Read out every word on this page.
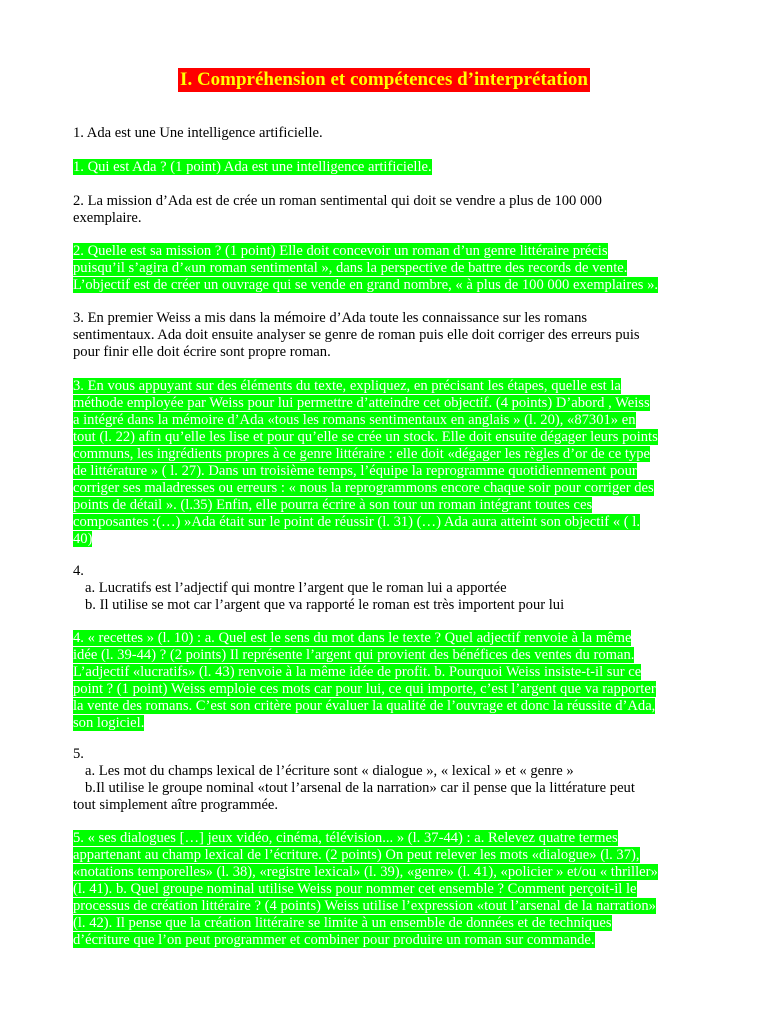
I. Compréhension et compétences d’interprétation
1. Ada est une Une intelligence artificielle.
1. Qui est Ada ? (1 point) Ada est une intelligence artificielle.
2. La mission d’Ada est de crée un roman sentimental qui doit se vendre a plus de 100 000
exemplaire.
2. Quelle est sa mission ? (1 point) Elle doit concevoir un roman d’un genre littéraire précis
puisqu’il s’agira d’«un roman sentimental », dans la perspective de battre des records de vente.
L’objectif est de créer un ouvrage qui se vende en grand nombre, « à plus de 100 000 exemplaires ».
3. En premier Weiss a mis dans la mémoire d’Ada toute les connaissance sur les romans
sentimentaux. Ada doit ensuite analyser se genre de roman puis elle doit corriger des erreurs puis
pour finir elle doit écrire sont propre roman.
3. En vous appuyant sur des éléments du texte, expliquez, en précisant les étapes, quelle est la
méthode employée par Weiss pour lui permettre d’atteindre cet objectif. (4 points) D’abord , Weiss
a intégré dans la mémoire d’Ada «tous les romans sentimentaux en anglais » (l. 20), «87301» en
tout (l. 22) afin qu’elle les lise et pour qu’elle se crée un stock. Elle doit ensuite dégager leurs points
communs, les ingrédients propres à ce genre littéraire : elle doit «dégager les règles d’or de ce type
de littérature » ( l. 27). Dans un troisième temps, l’équipe la reprogramme quotidiennement pour
corriger ses maladresses ou erreurs : « nous la reprogrammons encore chaque soir pour corriger des
points de détail ». (l.35) Enfin, elle pourra écrire à son tour un roman intégrant toutes ces
composantes :(…) »Ada était sur le point de réussir (l. 31) (…) Ada aura atteint son objectif « ( l.
40)
4.
a. Lucratifs est l’adjectif qui montre l’argent que le roman lui a apportée
b. Il utilise se mot car l’argent que va rapporté le roman est très importent pour lui
4. « recettes » (l. 10) : a. Quel est le sens du mot dans le texte ? Quel adjectif renvoie à la même
idée (l. 39-44) ? (2 points) Il représente l’argent qui provient des bénéfices des ventes du roman.
L’adjectif «lucratifs» (l. 43) renvoie à la même idée de profit. b. Pourquoi Weiss insiste-t-il sur ce
point ? (1 point) Weiss emploie ces mots car pour lui, ce qui importe, c’est l’argent que va rapporter
la vente des romans. C’est son critère pour évaluer la qualité de l’ouvrage et donc la réussite d’Ada,
son logiciel.
5.
a. Les mot du champs lexical de l’écriture sont « dialogue », « lexical » et « genre »
b.Il utilise le groupe nominal «tout l’arsenal de la narration» car il pense que la littérature peut
tout simplement aître programmée.
5. « ses dialogues […] jeux vidéo, cinéma, télévision... » (l. 37-44) : a. Relevez quatre termes
appartenant au champ lexical de l’écriture. (2 points) On peut relever les mots «dialogue» (l. 37),
«notations temporelles» (l. 38), «registre lexical» (l. 39), «genre» (l. 41), «policier » et/ou « thriller»
(l. 41). b. Quel groupe nominal utilise Weiss pour nommer cet ensemble ? Comment perçoit-il le
processus de création littéraire ? (4 points) Weiss utilise l’expression «tout l’arsenal de la narration»
(l. 42). Il pense que la création littéraire se limite à un ensemble de données et de techniques
d’écriture que l’on peut programmer et combiner pour produire un roman sur commande.
